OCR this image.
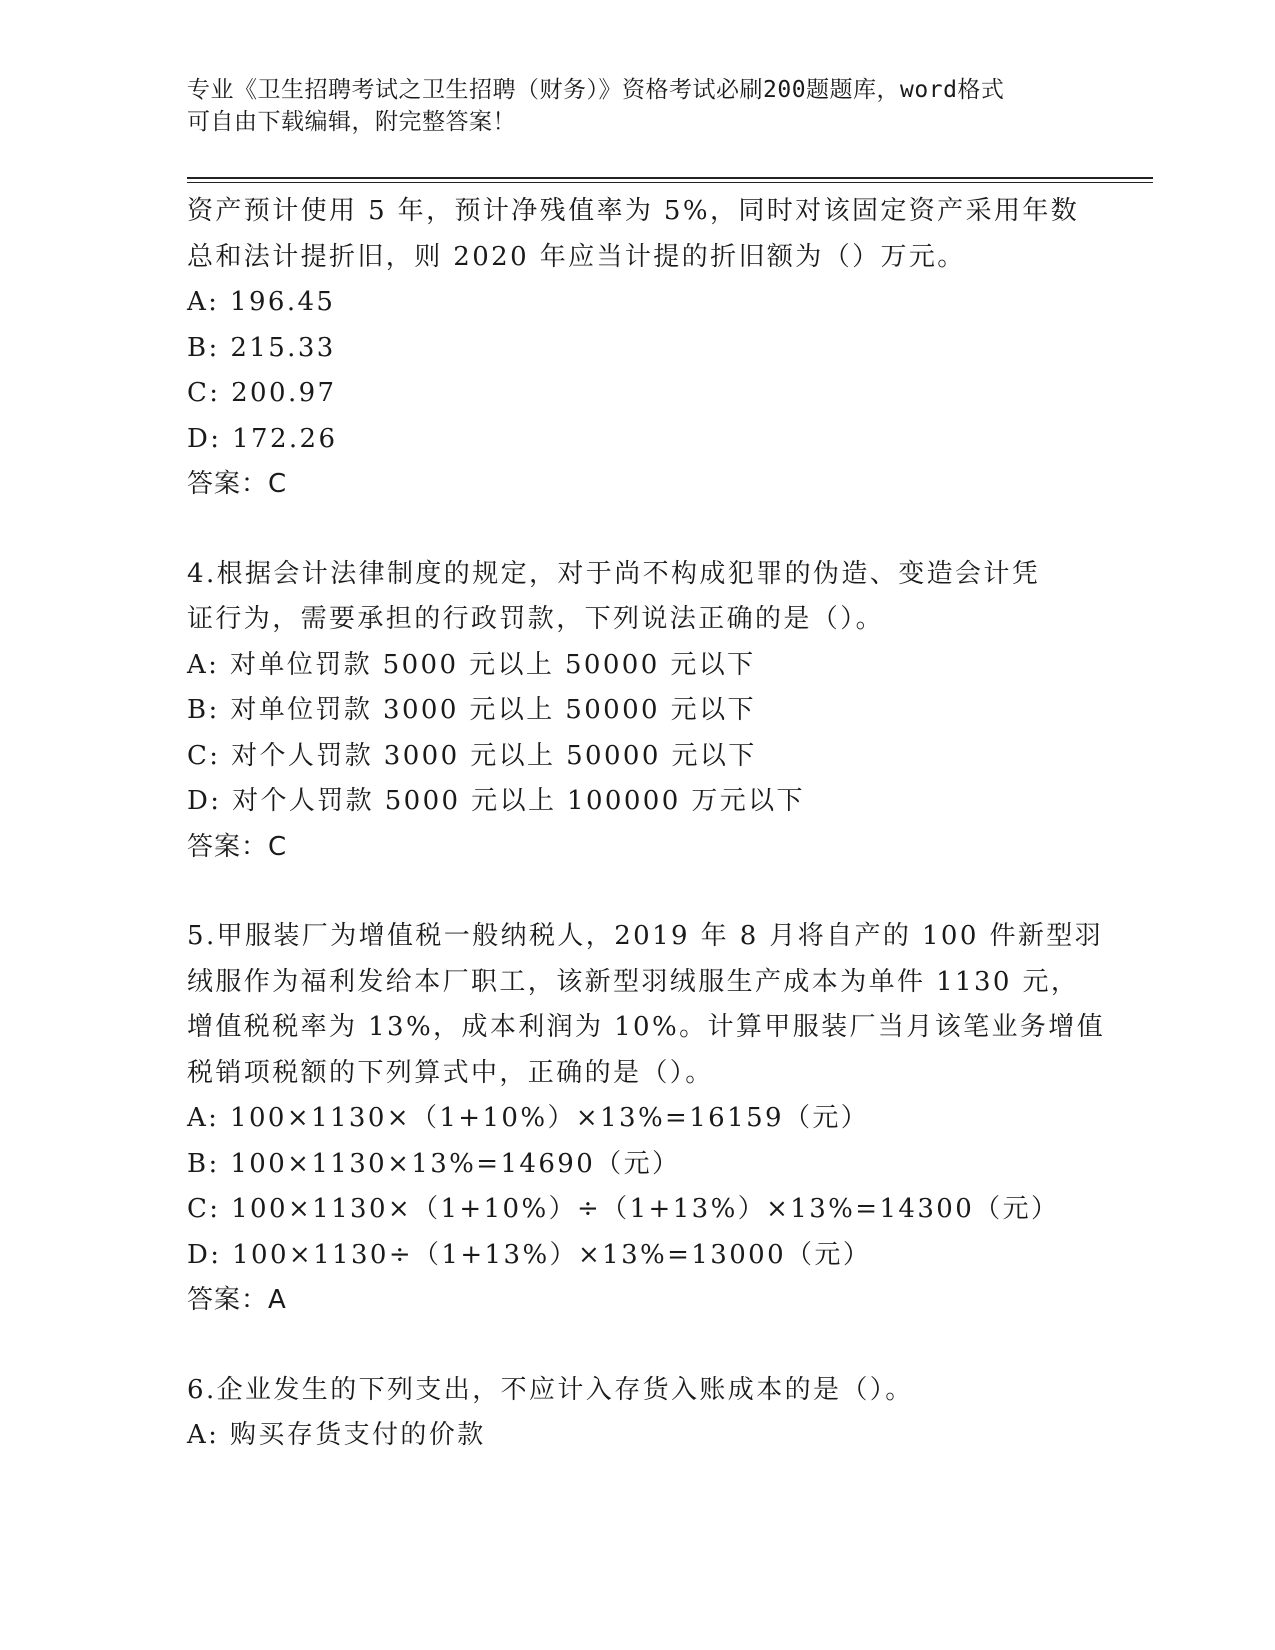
专业《卫生招聘考试之卫生招聘（财务）》资格考试必刷200题题库，word格式
可自由下载编辑，附完整答案！
资产预计使用 5 年，预计净残值率为 5%，同时对该固定资产采用年数
总和法计提折旧，则 2020 年应当计提的折旧额为（）万元。
A: 196.45
B: 215.33
C: 200.97
D: 172.26
答案：C
4.根据会计法律制度的规定，对于尚不构成犯罪的伪造、变造会计凭
证行为，需要承担的行政罚款，下列说法正确的是（）。
A: 对单位罚款 5000 元以上 50000 元以下
B: 对单位罚款 3000 元以上 50000 元以下
C: 对个人罚款 3000 元以上 50000 元以下
D: 对个人罚款 5000 元以上 100000 万元以下
答案：C
5.甲服装厂为增值税一般纳税人，2019 年 8 月将自产的 100 件新型羽
绒服作为福利发给本厂职工，该新型羽绒服生产成本为单件 1130 元，
增值税税率为 13%，成本利润为 10%。计算甲服装厂当月该笔业务增值
税销项税额的下列算式中，正确的是（）。
A: 100×1130×（1+10%）×13%=16159（元）
B: 100×1130×13%=14690（元）
C: 100×1130×（1+10%）÷（1+13%）×13%=14300（元）
D: 100×1130÷（1+13%）×13%=13000（元）
答案：A
6.企业发生的下列支出，不应计入存货入账成本的是（）。
A: 购买存货支付的价款
